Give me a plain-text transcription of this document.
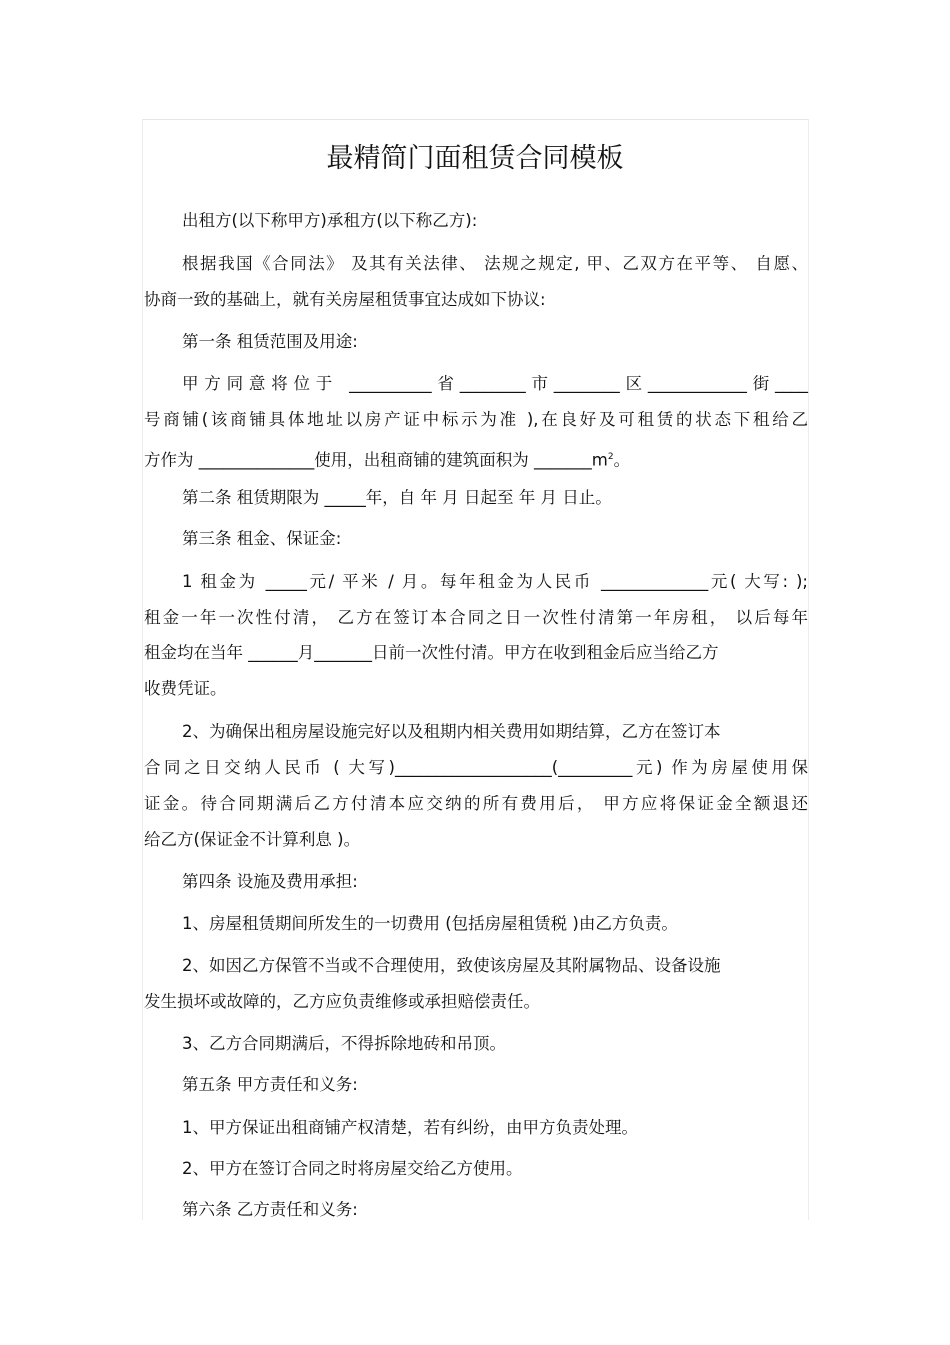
最精简门面租赁合同模板
出租方(以下称甲方)承租方(以下称乙方):
根据我国《合同法》 及其有关法律、 法规之规定, 甲、乙双方在平等、 自愿、
协商一致的基础上，就有关房屋租赁事宜达成如下协议:
第一条 租赁范围及用途:
甲方同意将位于 __________省________市________区____________街____
号商铺(该商铺具体地址以房产证中标示为准 ),在良好及可租赁的状态下租给乙
方作为 ______________使用，出租商铺的建筑面积为 $\_\_\_\_\_\_\_m^2$。
第二条 租赁期限为 _____年，自 年 月 日起至 年 月 日止。
第三条 租金、保证金:
1 租金为 _____元/ 平米 / 月。每年租金为人民币 _____________元( 大写: );
租金一年一次性付清， 乙方在签订本合同之日一次性付清第一年房租， 以后每年
租金均在当年 ______月_______日前一次性付清。甲方在收到租金后应当给乙方
收费凭证。
2、为确保出租房屋设施完好以及租期内相关费用如期结算，乙方在签订本
合同之日交纳人民币 ( 大写)___________________(_________元) 作为房屋使用保
证金。待合同期满后乙方付清本应交纳的所有费用后， 甲方应将保证金全额退还
给乙方(保证金不计算利息 )。
第四条 设施及费用承担:
1、房屋租赁期间所发生的一切费用 (包括房屋租赁税 )由乙方负责。
2、如因乙方保管不当或不合理使用，致使该房屋及其附属物品、设备设施
发生损坏或故障的，乙方应负责维修或承担赔偿责任。
3、乙方合同期满后，不得拆除地砖和吊顶。
第五条 甲方责任和义务:
1、甲方保证出租商铺产权清楚，若有纠纷，由甲方负责处理。
2、甲方在签订合同之时将房屋交给乙方使用。
第六条 乙方责任和义务:
